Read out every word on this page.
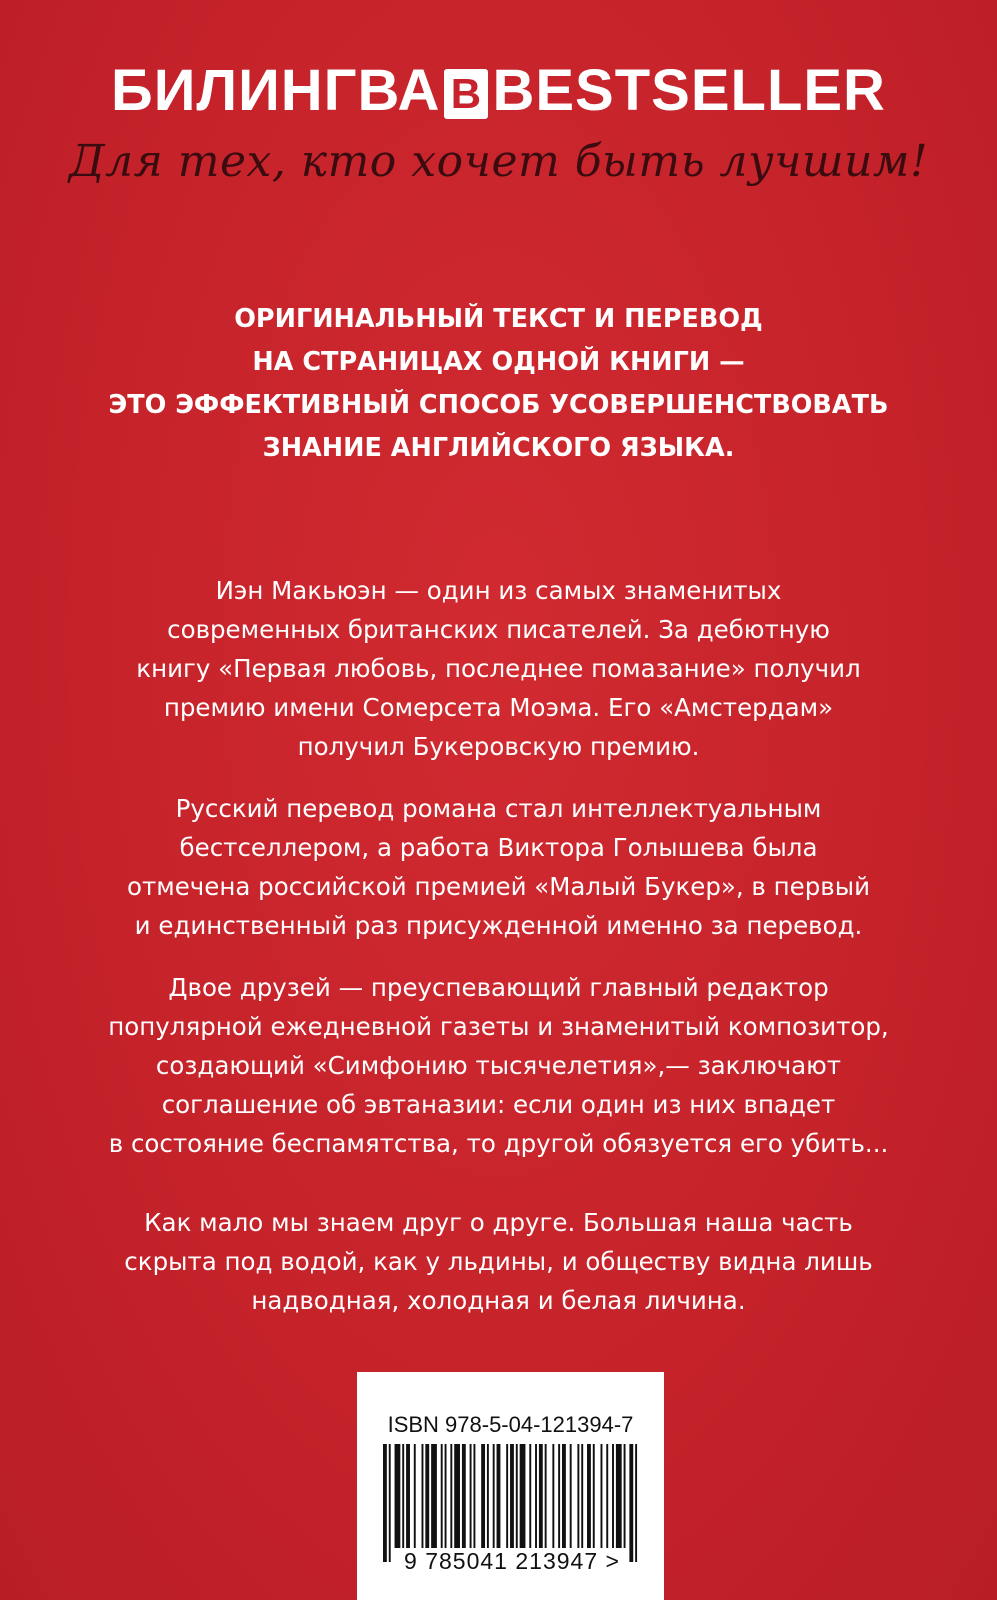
БИЛИНГВА B BESTSELLER
Для тех, кто хочет быть лучшим!
ОРИГИНАЛЬНЫЙ ТЕКСТ И ПЕРЕВОД
НА СТРАНИЦАХ ОДНОЙ КНИГИ —
ЭТО ЭФФЕКТИВНЫЙ СПОСОБ УСОВЕРШЕНСТВОВАТЬ
ЗНАНИЕ АНГЛИЙСКОГО ЯЗЫКА.
Иэн Макьюэн — один из самых знаменитых
современных британских писателей. За дебютную
книгу «Первая любовь, последнее помазание» получил
премию имени Сомерсета Моэма. Его «Амстердам»
получил Букеровскую премию.
Русский перевод романа стал интеллектуальным
бестселлером, а работа Виктора Голышева была
отмечена российской премией «Малый Букер», в первый
и единственный раз присужденной именно за перевод.
Двое друзей — преуспевающий главный редактор
популярной ежедневной газеты и знаменитый композитор,
создающий «Симфонию тысячелетия»,— заключают
соглашение об эвтаназии: если один из них впадет
в состояние беспамятства, то другой обязуется его убить...
Как мало мы знаем друг о друге. Большая наша часть
скрыта под водой, как у льдины, и обществу видна лишь
надводная, холодная и белая личина.
ISBN 978-5-04-121394-7
9 785041 213947 >
